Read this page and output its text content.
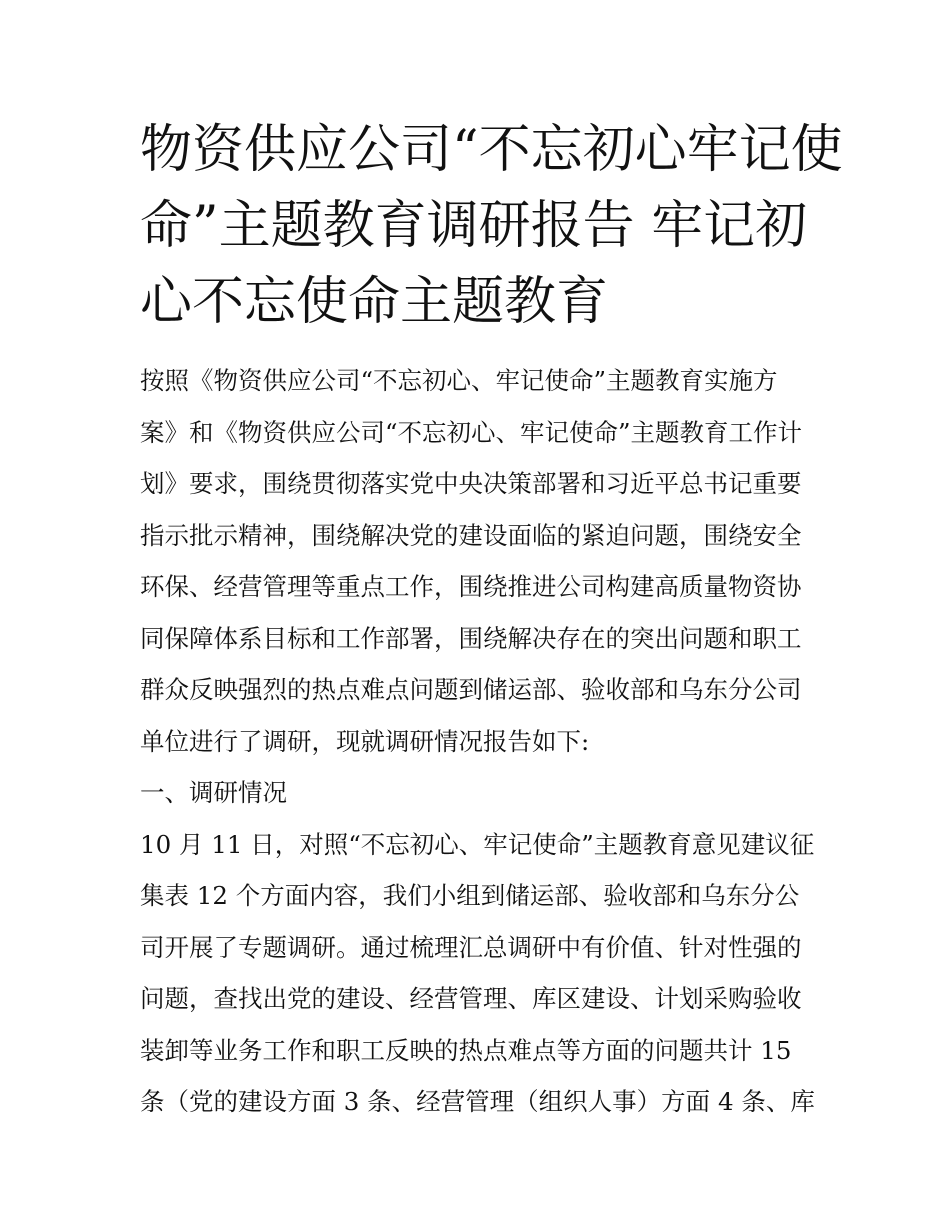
物资供应公司“不忘初心牢记使
命”主题教育调研报告 牢记初
心不忘使命主题教育
按照《物资供应公司“不忘初心、牢记使命”主题教育实施方
案》和《物资供应公司“不忘初心、牢记使命”主题教育工作计
划》要求，围绕贯彻落实党中央决策部署和习近平总书记重要
指示批示精神，围绕解决党的建设面临的紧迫问题，围绕安全
环保、经营管理等重点工作，围绕推进公司构建高质量物资协
同保障体系目标和工作部署，围绕解决存在的突出问题和职工
群众反映强烈的热点难点问题到储运部、验收部和乌东分公司
单位进行了调研，现就调研情况报告如下:
一、调研情况
10 月 11 日，对照“不忘初心、牢记使命”主题教育意见建议征
集表 12 个方面内容，我们小组到储运部、验收部和乌东分公
司开展了专题调研。通过梳理汇总调研中有价值、针对性强的
问题，查找出党的建设、经营管理、库区建设、计划采购验收
装卸等业务工作和职工反映的热点难点等方面的问题共计 15
条（党的建设方面 3 条、经营管理（组织人事）方面 4 条、库
